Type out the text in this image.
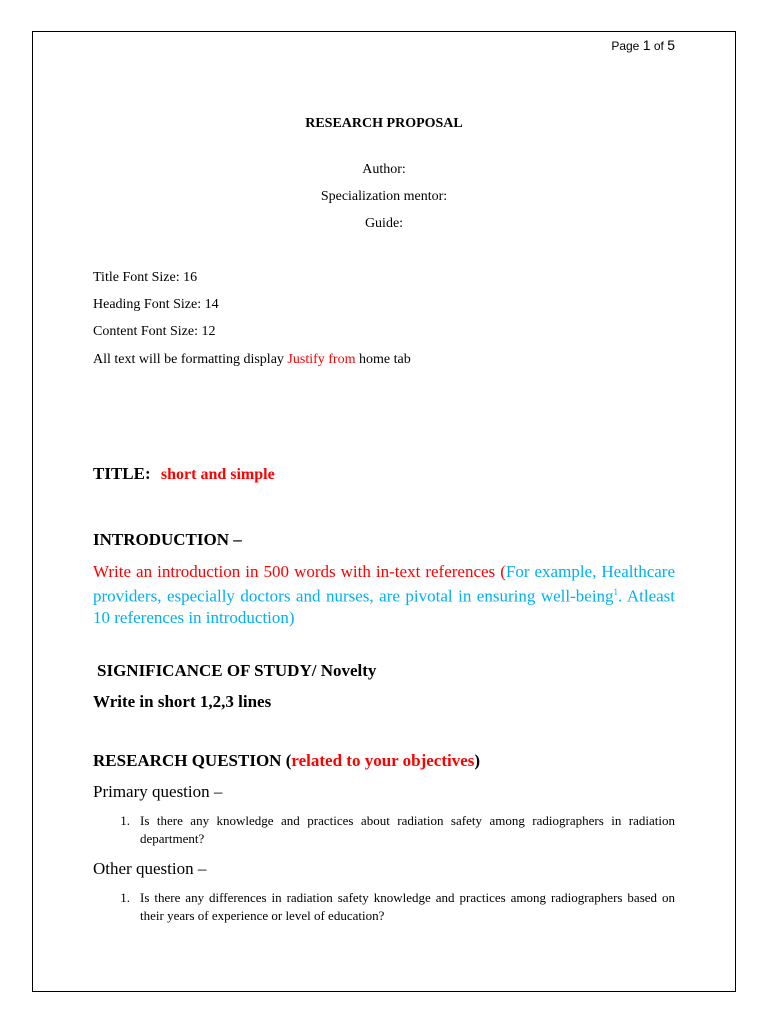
Page 1 of 5
RESEARCH PROPOSAL
Author:
Specialization mentor:
Guide:
Title Font Size: 16
Heading Font Size: 14
Content Font Size: 12
All text will be formatting display Justify from home tab
TITLE: short and simple
INTRODUCTION –
Write an introduction in 500 words with in-text references (For example, Healthcare providers, especially doctors and nurses, are pivotal in ensuring well-being$^1$. Atleast 10 references in introduction)
SIGNIFICANCE OF STUDY/ Novelty
Write in short 1,2,3 lines
RESEARCH QUESTION (related to your objectives)
Primary question –
1. Is there any knowledge and practices about radiation safety among radiographers in radiation department?
Other question –
1. Is there any differences in radiation safety knowledge and practices among radiographers based on their years of experience or level of education?
